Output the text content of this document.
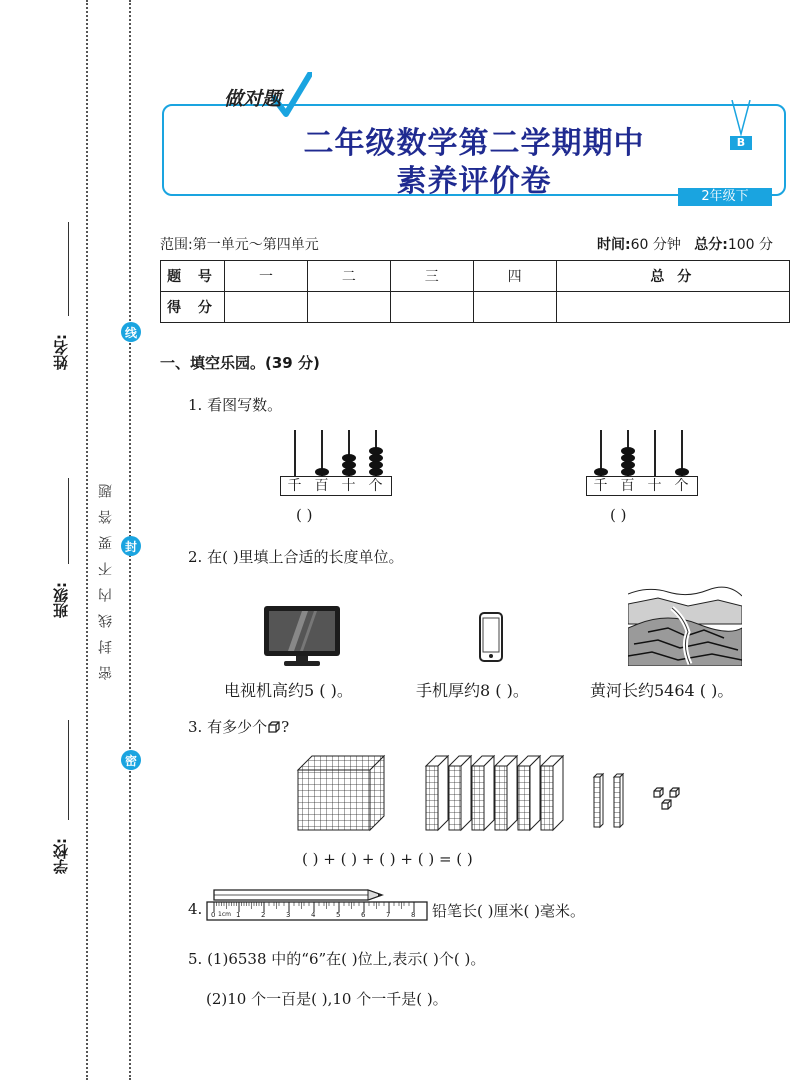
姓名:
班级:
学校:
密封线内不要答题
线
封
密
做对题
二年级数学第二学期期中
素养评价卷
B
2年级下
范围:第一单元～第四单元	时间:60 分钟 总分:100 分
题 号	一	二	三	四	总 分
得 分					
一、填空乐园。(39 分)
1. 看图写数。
千 百 十 个
( )
千 百 十 个
( )
2. 在( )里填上合适的长度单位。
电视机高约5 ( )。	手机厚约8 ( )。	黄河长约5464 ( )。
3. 有多少个 ?
( ) + ( ) + ( ) + ( ) = ( )
4. 0 1cm 1	2	3	4	5	6	7	8 铅笔长( )厘米( )毫米。
5. (1)6538 中的“6”在( )位上,表示( )个( )。
(2)10 个一百是( ),10 个一千是( )。
